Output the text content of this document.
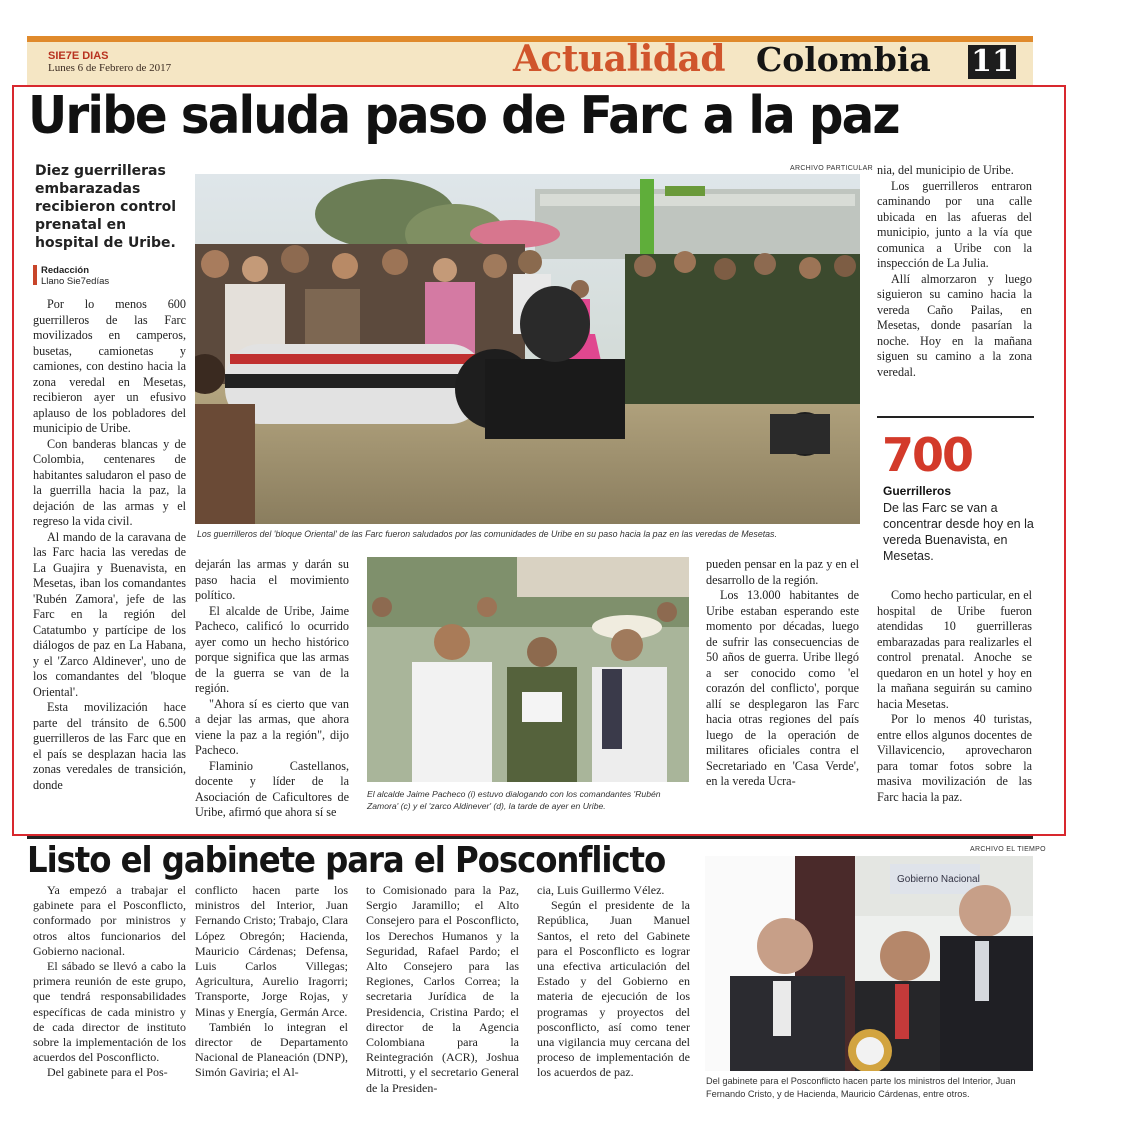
SIE7E DIAS
Lunes 6 de Febrero de 2017	Actualidad Colombia 11
Uribe saluda paso de Farc a la paz
Diez guerrilleras embarazadas recibieron control prenatal en hospital de Uribe.
Redacción
Llano Sie7edías
ARCHIVO PARTICULAR
Los guerrilleros del 'bloque Oriental' de las Farc fueron saludados por las comunidades de Uribe en su paso hacia la paz en las veredas de Mesetas.

Por lo menos 600 guerrilleros de las Farc movilizados en camperos, busetas, camionetas y camiones, con destino hacia la zona veredal en Mesetas, recibieron ayer un efusivo aplauso de los pobladores del municipio de Uribe.

Con banderas blancas y de Colombia, centenares de habitantes saludaron el paso de la guerrilla hacia la paz, la dejación de las armas y el regreso la vida civil.

Al mando de la caravana de las Farc hacia las veredas de La Guajira y Buenavista, en Mesetas, iban los comandantes 'Rubén Zamora', jefe de las Farc en la región del Catatumbo y partícipe de los diálogos de paz en La Habana, y el 'Zarco Aldinever', uno de los comandantes del 'bloque Oriental'.

Esta movilización hace parte del tránsito de 6.500 guerrilleros de las Farc que en el país se desplazan hacia las zonas veredales de transición, donde

dejarán las armas y darán su paso hacia el movimiento político.

El alcalde de Uribe, Jaime Pacheco, calificó lo ocurrido ayer como un hecho histórico porque significa que las armas de la guerra se van de la región.

"Ahora sí es cierto que van a dejar las armas, que ahora viene la paz a la región", dijo Pacheco.

Flaminio Castellanos, docente y líder de la Asociación de Caficultores de Uribe, afirmó que ahora sí se

El alcalde Jaime Pacheco (i) estuvo dialogando con los comandantes 'Rubén Zamora' (c) y el 'zarco Aldinever' (d), la tarde de ayer en Uribe.

pueden pensar en la paz y en el desarrollo de la región.

Los 13.000 habitantes de Uribe estaban esperando este momento por décadas, luego de sufrir las consecuencias de 50 años de guerra. Uribe llegó a ser conocido como 'el corazón del conflicto', porque allí se desplegaron las Farc hacia otras regiones del país luego de la operación de militares oficiales contra el Secretariado en 'Casa Verde', en la vereda Ucra-

nia, del municipio de Uribe.

Los guerrilleros entraron caminando por una calle ubicada en las afueras del municipio, junto a la vía que comunica a Uribe con la inspección de La Julia.

Allí almorzaron y luego siguieron su camino hacia la vereda Caño Pailas, en Mesetas, donde pasarían la noche. Hoy en la mañana siguen su camino a la zona veredal.

700
Guerrilleros
De las Farc se van a concentrar desde hoy en la vereda Buenavista, en Mesetas.

Como hecho particular, en el hospital de Uribe fueron atendidas 10 guerrilleras embarazadas para realizarles el control prenatal. Anoche se quedaron en un hotel y hoy en la mañana seguirán su camino hacia Mesetas.

Por lo menos 40 turistas, entre ellos algunos docentes de Villavicencio, aprovecharon para tomar fotos sobre la masiva movilización de las Farc hacia la paz.

Listo el gabinete para el Posconflicto

Ya empezó a trabajar el gabinete para el Posconflicto, conformado por ministros y otros altos funcionarios del Gobierno nacional.

El sábado se llevó a cabo la primera reunión de este grupo, que tendrá responsabilidades específicas de cada ministro y de cada director de instituto sobre la implementación de los acuerdos del Posconflicto.

Del gabinete para el Pos-

conflicto hacen parte los ministros del Interior, Juan Fernando Cristo; Trabajo, Clara López Obregón; Hacienda, Mauricio Cárdenas; Defensa, Luis Carlos Villegas; Agricultura, Aurelio Iragorri; Transporte, Jorge Rojas, y Minas y Energía, Germán Arce.

También lo integran el director de Departamento Nacional de Planeación (DNP), Simón Gaviria; el Al-

to Comisionado para la Paz, Sergio Jaramillo; el Alto Consejero para el Posconflicto, los Derechos Humanos y la Seguridad, Rafael Pardo; el Alto Consejero para las Regiones, Carlos Correa; la secretaria Jurídica de la Presidencia, Cristina Pardo; el director de la Agencia Colombiana para la Reintegración (ACR), Joshua Mitrotti, y el secretario General de la Presiden-

cia, Luis Guillermo Vélez.

Según el presidente de la República, Juan Manuel Santos, el reto del Gabinete para el Posconflicto es lograr una efectiva articulación del Estado y del Gobierno en materia de ejecución de los programas y proyectos del posconflicto, así como tener una vigilancia muy cercana del proceso de implementación de los acuerdos de paz.

ARCHIVO EL TIEMPO
Gobierno Nacional
Del gabinete para el Posconflicto hacen parte los ministros del Interior, Juan Fernando Cristo, y de Hacienda, Mauricio Cárdenas, entre otros.
